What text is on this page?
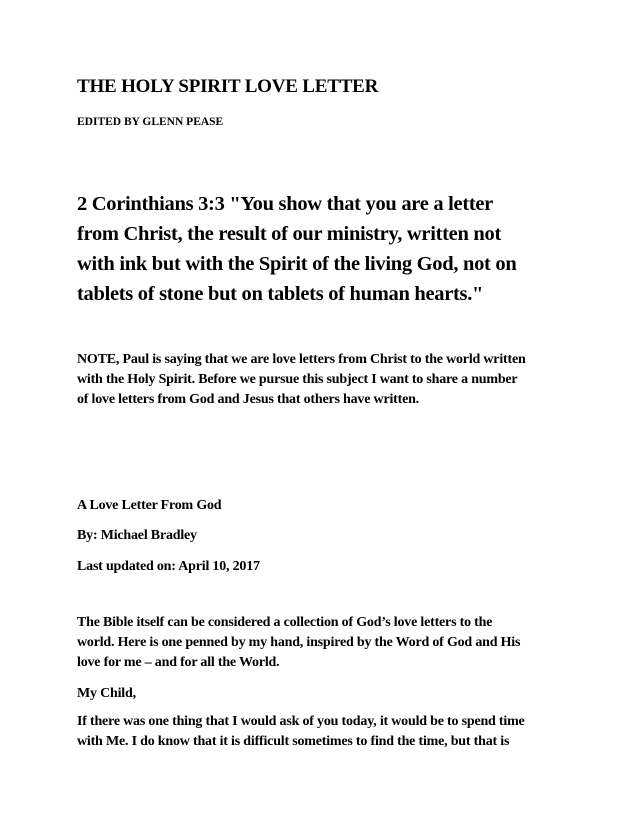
THE HOLY SPIRIT LOVE LETTER
EDITED BY GLENN PEASE
2 Corinthians 3:3 "You show that you are a letter
from Christ, the result of our ministry, written not
with ink but with the Spirit of the living God, not on
tablets of stone but on tablets of human hearts."
NOTE, Paul is saying that we are love letters from Christ to the world written
with the Holy Spirit. Before we pursue this subject I want to share a number
of love letters from God and Jesus that others have written.
A Love Letter From God
By: Michael Bradley
Last updated on: April 10, 2017
The Bible itself can be considered a collection of God’s love letters to the
world. Here is one penned by my hand, inspired by the Word of God and His
love for me – and for all the World.
My Child,
If there was one thing that I would ask of you today, it would be to spend time
with Me. I do know that it is difficult sometimes to find the time, but that is
